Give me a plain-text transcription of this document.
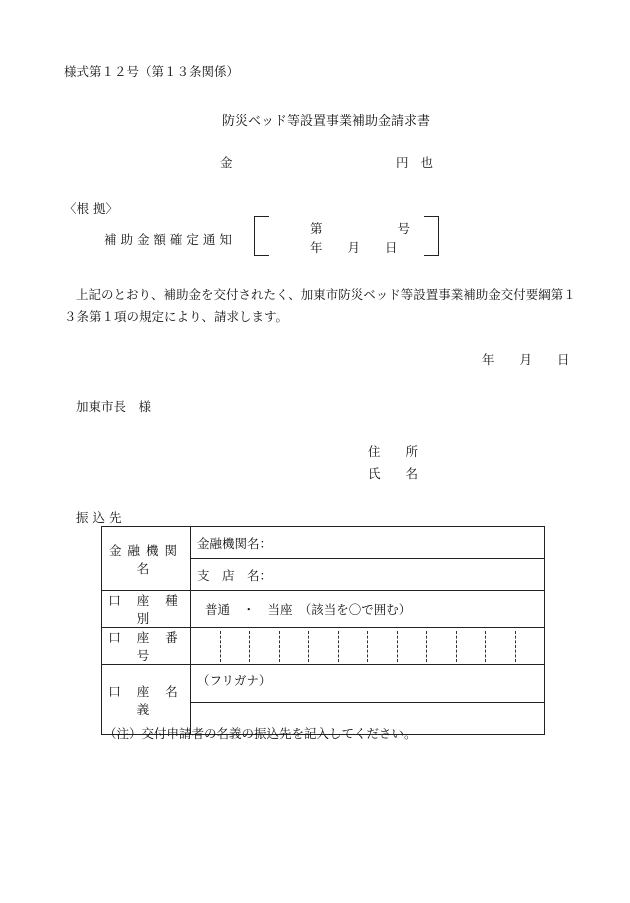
様式第１２号（第１３条関係）
防災ベッド等設置事業補助金請求書
金	円 也
〈根 拠〉
補 助 金 額 確 定 通 知
第　　　　　　号
年　　月　　日
上記のとおり、補助金を交付されたく、加東市防災ベッド等設置事業補助金交付要綱第１
３条第１項の規定により、請求します。
年　　月　　日
加東市長　様
住　　所
氏　　名
振 込 先
金融機関名	金融機関名：
	支　店　名：
口 座 種 別	普通　・　当座　（該当を〇で囲む）
口 座 番 号	

口 座 名 義	（フリガナ）

（注）交付申請者の名義の振込先を記入してください。
